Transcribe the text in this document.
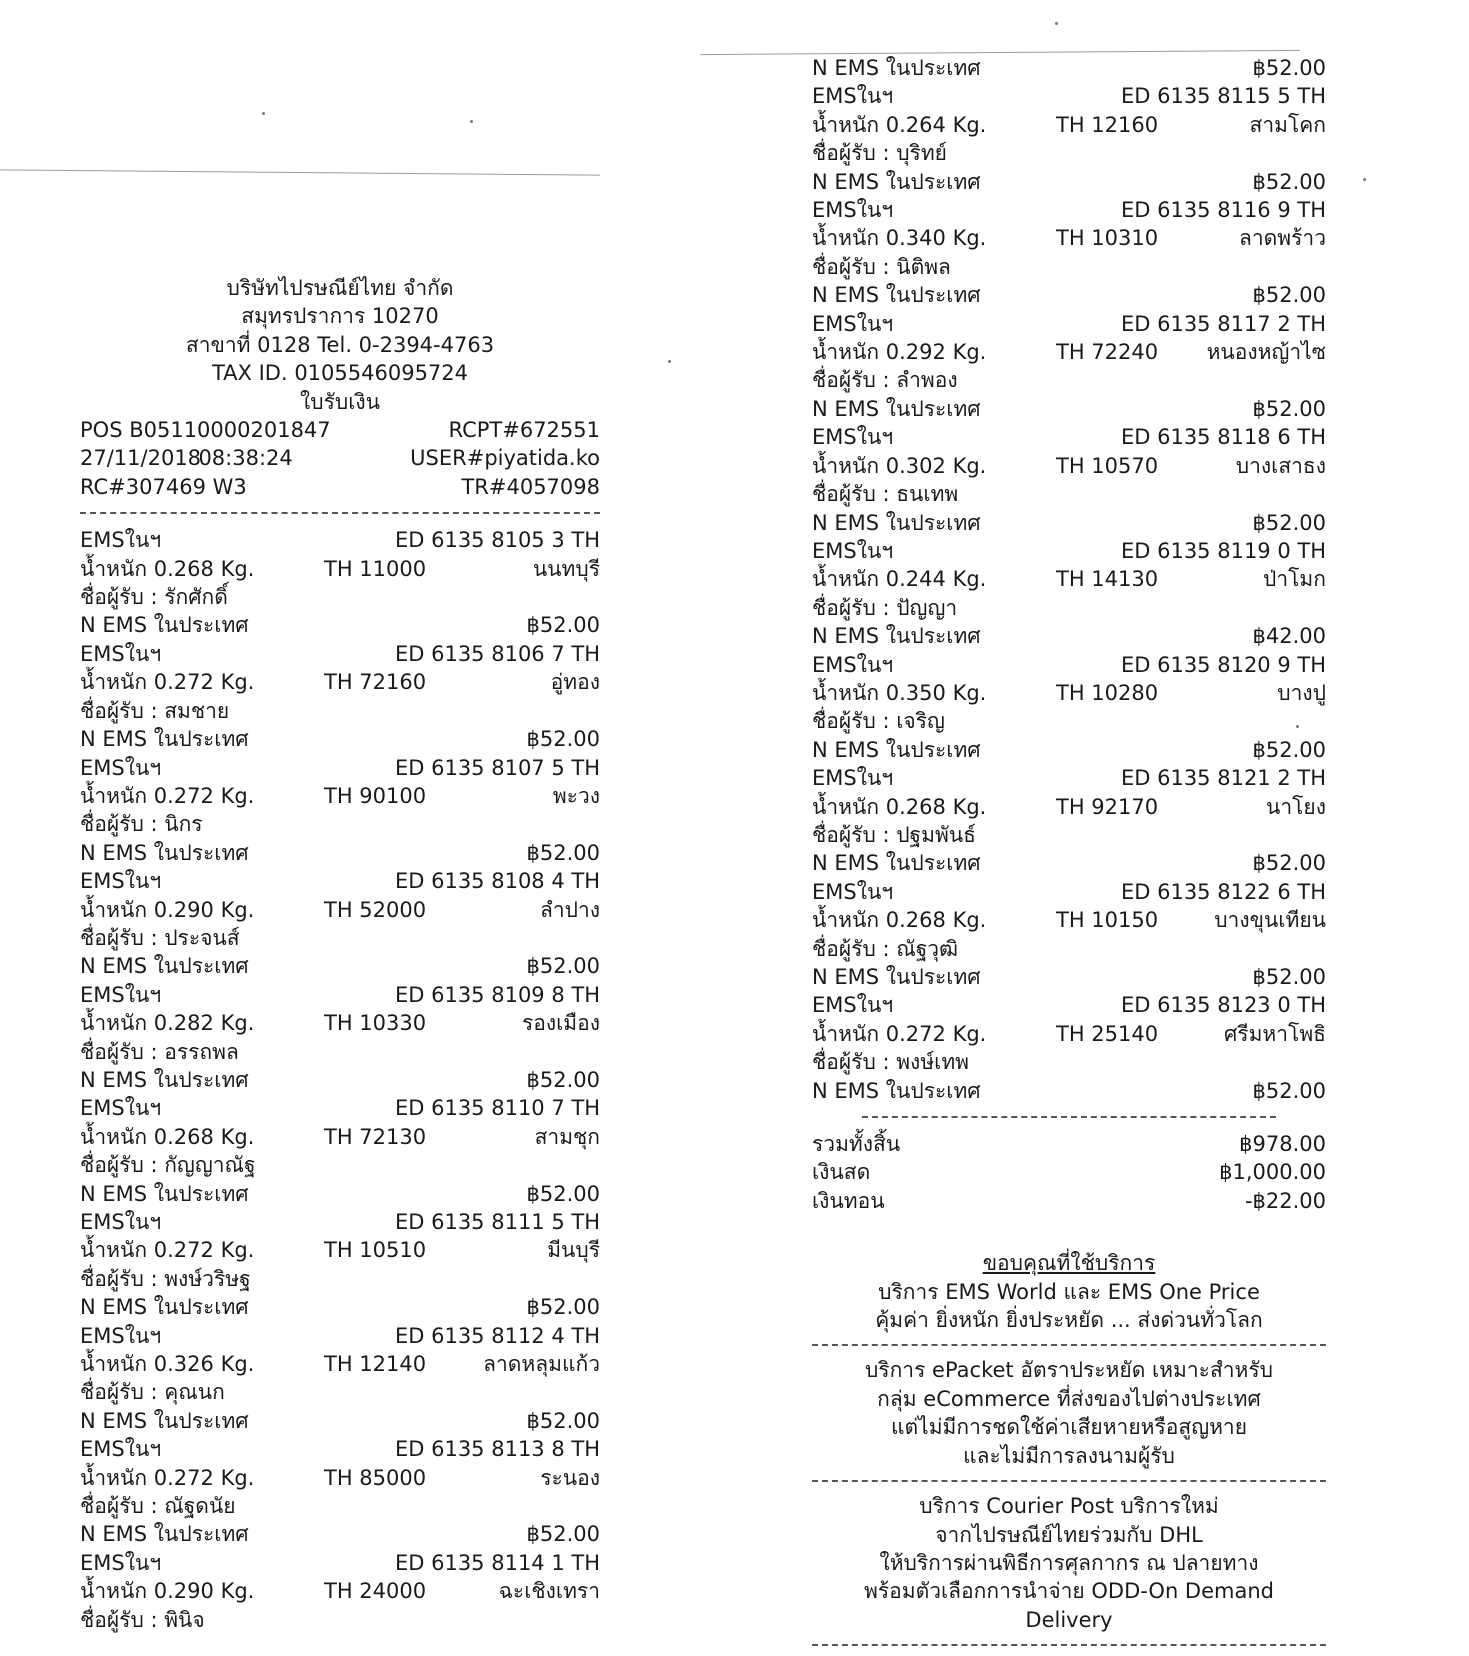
บริษัทไปรษณีย์ไทย จำกัด
สมุทรปราการ 10270
สาขาที่ 0128 Tel. 0-2394-4763
TAX ID. 0105546095724
ใบรับเงิน
POS B05110000201847	RCPT#672551
27/11/2018
08:38:24	USER#piyatida.ko
RC#307469 W3	TR#4057098
EMSในฯ	ED 6135 8105 3 TH
น้ำหนัก 0.268 Kg.	TH 11000	นนทบุรี
ชื่อผู้รับ : รักศักดิ์
N EMS ในประเทศ	฿52.00
EMSในฯ	ED 6135 8106 7 TH
น้ำหนัก 0.272 Kg.	TH 72160	อู่ทอง
ชื่อผู้รับ : สมชาย
N EMS ในประเทศ	฿52.00
EMSในฯ	ED 6135 8107 5 TH
น้ำหนัก 0.272 Kg.	TH 90100	พะวง
ชื่อผู้รับ : นิกร
N EMS ในประเทศ	฿52.00
EMSในฯ	ED 6135 8108 4 TH
น้ำหนัก 0.290 Kg.	TH 52000	ลำปาง
ชื่อผู้รับ : ประจนส์
N EMS ในประเทศ	฿52.00
EMSในฯ	ED 6135 8109 8 TH
น้ำหนัก 0.282 Kg.	TH 10330	รองเมือง
ชื่อผู้รับ : อรรถพล
N EMS ในประเทศ	฿52.00
EMSในฯ	ED 6135 8110 7 TH
น้ำหนัก 0.268 Kg.	TH 72130	สามชุก
ชื่อผู้รับ : กัญญาณัฐ
N EMS ในประเทศ	฿52.00
EMSในฯ	ED 6135 8111 5 TH
น้ำหนัก 0.272 Kg.	TH 10510	มีนบุรี
ชื่อผู้รับ : พงษ์วริษฐ
N EMS ในประเทศ	฿52.00
EMSในฯ	ED 6135 8112 4 TH
น้ำหนัก 0.326 Kg.	TH 12140	ลาดหลุมแก้ว
ชื่อผู้รับ : คุณนก
N EMS ในประเทศ	฿52.00
EMSในฯ	ED 6135 8113 8 TH
น้ำหนัก 0.272 Kg.	TH 85000	ระนอง
ชื่อผู้รับ : ณัฐดนัย
N EMS ในประเทศ	฿52.00
EMSในฯ	ED 6135 8114 1 TH
น้ำหนัก 0.290 Kg.	TH 24000	ฉะเชิงเทรา
ชื่อผู้รับ : พินิจ
N EMS ในประเทศ	฿52.00
EMSในฯ	ED 6135 8115 5 TH
น้ำหนัก 0.264 Kg.	TH 12160	สามโคก
ชื่อผู้รับ : บุริทย์
N EMS ในประเทศ	฿52.00
EMSในฯ	ED 6135 8116 9 TH
น้ำหนัก 0.340 Kg.	TH 10310	ลาดพร้าว
ชื่อผู้รับ : นิติพล
N EMS ในประเทศ	฿52.00
EMSในฯ	ED 6135 8117 2 TH
น้ำหนัก 0.292 Kg.	TH 72240	หนองหญ้าไซ
ชื่อผู้รับ : ลำพอง
N EMS ในประเทศ	฿52.00
EMSในฯ	ED 6135 8118 6 TH
น้ำหนัก 0.302 Kg.	TH 10570	บางเสาธง
ชื่อผู้รับ : ธนเทพ
N EMS ในประเทศ	฿52.00
EMSในฯ	ED 6135 8119 0 TH
น้ำหนัก 0.244 Kg.	TH 14130	ป่าโมก
ชื่อผู้รับ : ปัญญา
N EMS ในประเทศ	฿42.00
EMSในฯ	ED 6135 8120 9 TH
น้ำหนัก 0.350 Kg.	TH 10280	บางปู
ชื่อผู้รับ : เจริญ
N EMS ในประเทศ	฿52.00
EMSในฯ	ED 6135 8121 2 TH
น้ำหนัก 0.268 Kg.	TH 92170	นาโยง
ชื่อผู้รับ : ปฐมพันธ์
N EMS ในประเทศ	฿52.00
EMSในฯ	ED 6135 8122 6 TH
น้ำหนัก 0.268 Kg.	TH 10150	บางขุนเทียน
ชื่อผู้รับ : ณัฐวุฒิ
N EMS ในประเทศ	฿52.00
EMSในฯ	ED 6135 8123 0 TH
น้ำหนัก 0.272 Kg.	TH 25140	ศรีมหาโพธิ
ชื่อผู้รับ : พงษ์เทพ
N EMS ในประเทศ	฿52.00
รวมทั้งสิ้น	฿978.00
เงินสด	฿1,000.00
เงินทอน	-฿22.00
ขอบคุณที่ใช้บริการ
บริการ EMS World และ EMS One Price
คุ้มค่า ยิ่งหนัก ยิ่งประหยัด ... ส่งด่วนทั่วโลก
บริการ ePacket อัตราประหยัด เหมาะสำหรับ
กลุ่ม eCommerce ที่ส่งของไปต่างประเทศ
แต่ไม่มีการชดใช้ค่าเสียหายหรือสูญหาย
และไม่มีการลงนามผู้รับ
บริการ Courier Post บริการใหม่
จากไปรษณีย์ไทยร่วมกับ DHL
ให้บริการผ่านพิธีการศุลกากร ณ ปลายทาง
พร้อมตัวเลือกการนำจ่าย ODD-On Demand
Delivery
